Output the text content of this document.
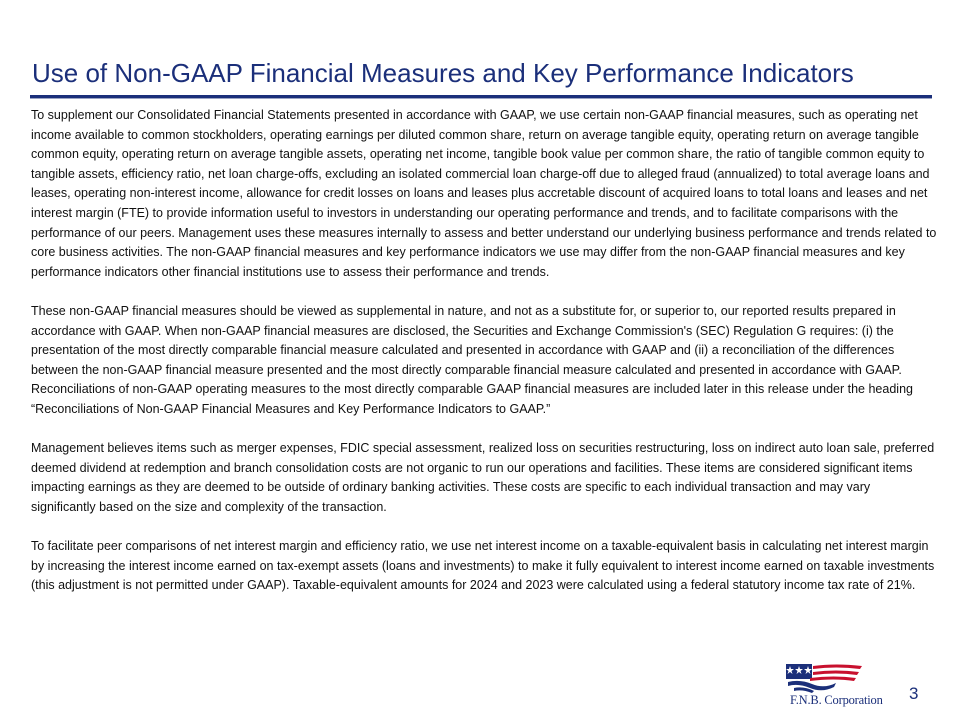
Use of Non-GAAP Financial Measures and Key Performance Indicators

To supplement our Consolidated Financial Statements presented in accordance with GAAP, we use certain non-GAAP financial measures, such as operating net income available to common stockholders, operating earnings per diluted common share, return on average tangible equity, operating return on average tangible common equity, operating return on average tangible assets, operating net income, tangible book value per common share, the ratio of tangible common equity to tangible assets, efficiency ratio, net loan charge-offs, excluding an isolated commercial loan charge-off due to alleged fraud (annualized) to total average loans and leases, operating non-interest income, allowance for credit losses on loans and leases plus accretable discount of acquired loans to total loans and leases and net interest margin (FTE) to provide information useful to investors in understanding our operating performance and trends, and to facilitate comparisons with the performance of our peers. Management uses these measures internally to assess and better understand our underlying business performance and trends related to core business activities. The non-GAAP financial measures and key performance indicators we use may differ from the non-GAAP financial measures and key performance indicators other financial institutions use to assess their performance and trends.

These non-GAAP financial measures should be viewed as supplemental in nature, and not as a substitute for, or superior to, our reported results prepared in accordance with GAAP. When non-GAAP financial measures are disclosed, the Securities and Exchange Commission's (SEC) Regulation G requires: (i) the presentation of the most directly comparable financial measure calculated and presented in accordance with GAAP and (ii) a reconciliation of the differences between the non-GAAP financial measure presented and the most directly comparable financial measure calculated and presented in accordance with GAAP. Reconciliations of non-GAAP operating measures to the most directly comparable GAAP financial measures are included later in this release under the heading “Reconciliations of Non-GAAP Financial Measures and Key Performance Indicators to GAAP.”

Management believes items such as merger expenses, FDIC special assessment, realized loss on securities restructuring, loss on indirect auto loan sale, preferred deemed dividend at redemption and branch consolidation costs are not organic to run our operations and facilities. These items are considered significant items impacting earnings as they are deemed to be outside of ordinary banking activities. These costs are specific to each individual transaction and may vary significantly based on the size and complexity of the transaction.

To facilitate peer comparisons of net interest margin and efficiency ratio, we use net interest income on a taxable-equivalent basis in calculating net interest margin by increasing the interest income earned on tax-exempt assets (loans and investments) to make it fully equivalent to interest income earned on taxable investments (this adjustment is not permitted under GAAP). Taxable-equivalent amounts for 2024 and 2023 were calculated using a federal statutory income tax rate of 21%.

F.N.B. Corporation 3
